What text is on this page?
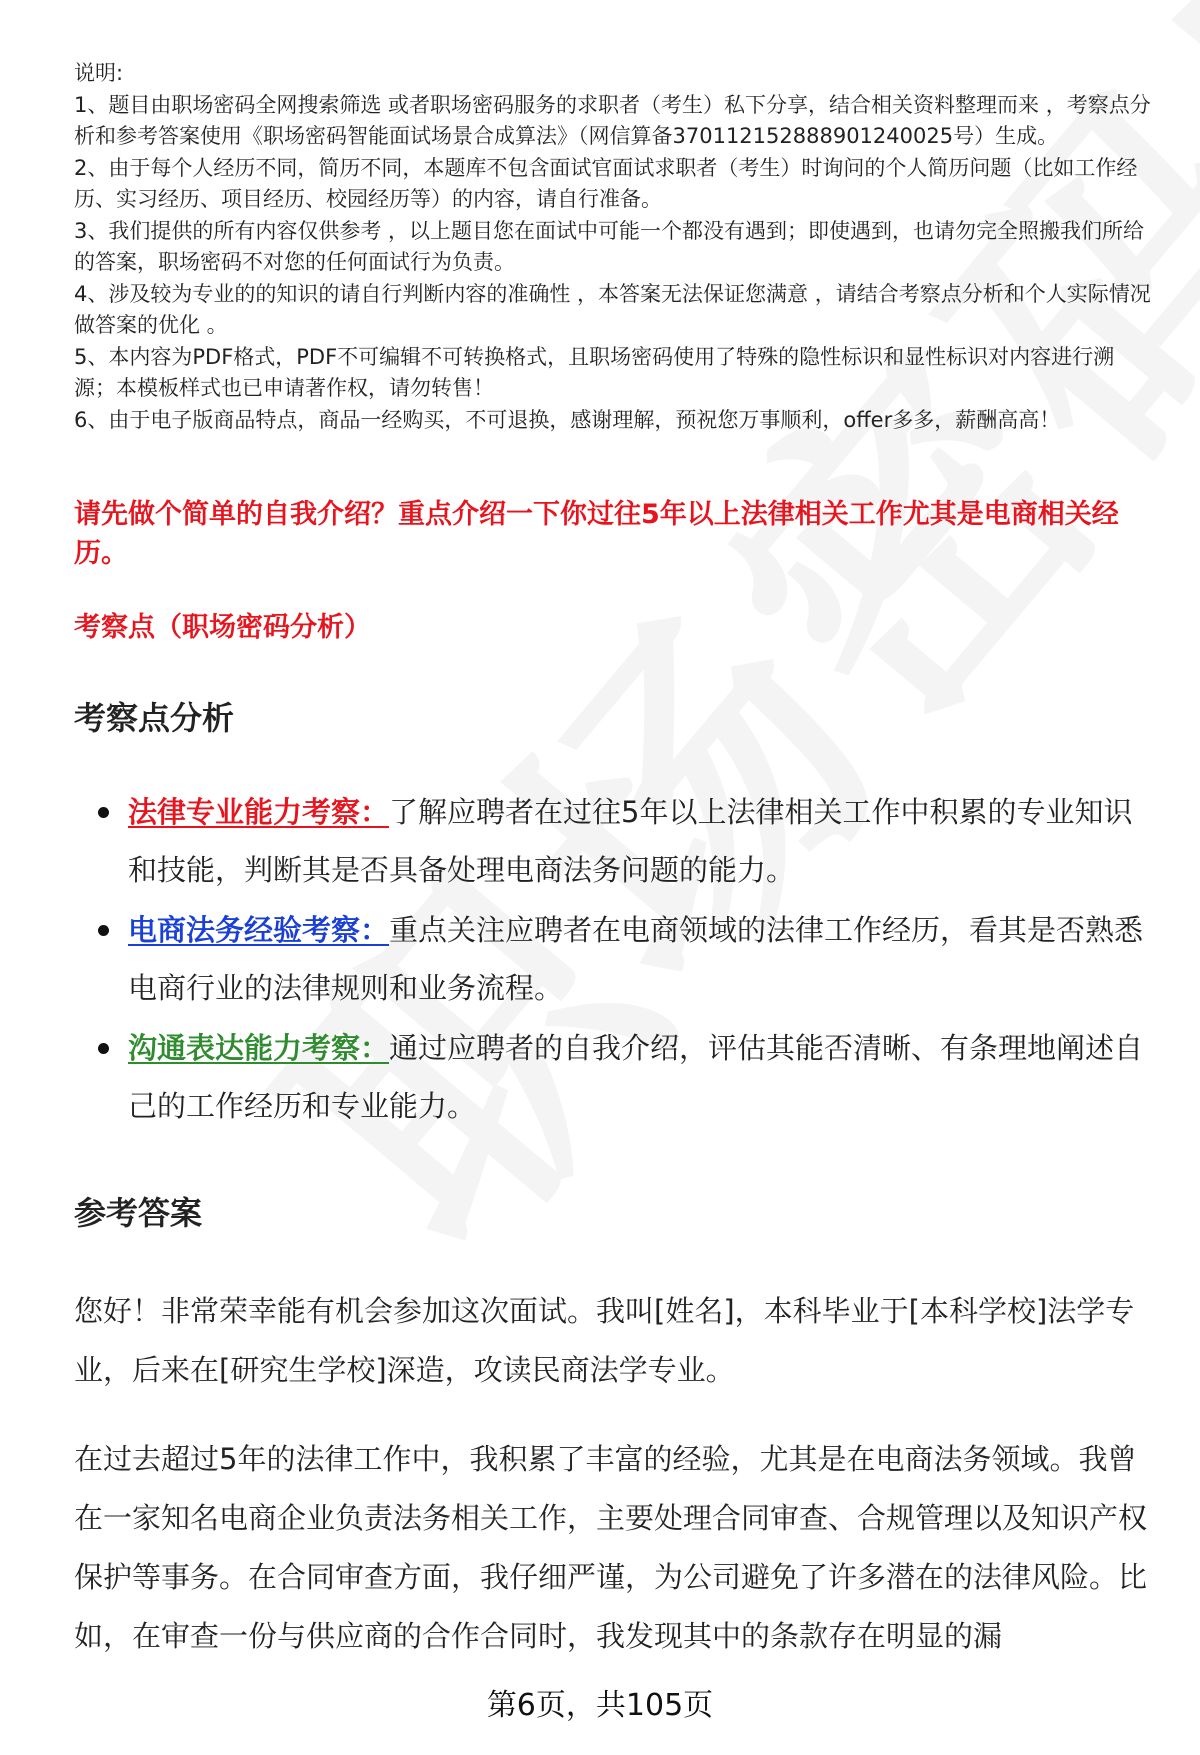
说明:

1、题目由职场密码全网搜索筛选 或者职场密码服务的求职者（考生）私下分享，结合相关资料整理而来 ，考察点分析和参考答案使用《职场密码智能面试场景合成算法》（网信算备370112152888901240025号）生成。

2、由于每个人经历不同，简历不同，本题库不包含面试官面试求职者（考生）时询问的个人简历问题（比如工作经历、实习经历、项目经历、校园经历等）的内容，请自行准备。

3、我们提供的所有内容仅供参考 ，以上题目您在面试中可能一个都没有遇到；即使遇到，也请勿完全照搬我们所给的答案，职场密码不对您的任何面试行为负责。

4、涉及较为专业的的知识的请自行判断内容的准确性 ，本答案无法保证您满意 ，请结合考察点分析和个人实际情况做答案的优化 。

5、本内容为PDF格式，PDF不可编辑不可转换格式，且职场密码使用了特殊的隐性标识和显性标识对内容进行溯源；本模板样式也已申请著作权，请勿转售！

6、由于电子版商品特点，商品一经购买，不可退换，感谢理解，预祝您万事顺利，offer多多，薪酬高高！

请先做个简单的自我介绍？重点介绍一下你过往5年以上法律相关工作尤其是电商相关经历。

考察点（职场密码分析）

考察点分析
法律专业能力考察：了解应聘者在过往5年以上法律相关工作中积累的专业知识和技能，判断其是否具备处理电商法务问题的能力。
电商法务经验考察：重点关注应聘者在电商领域的法律工作经历，看其是否熟悉电商行业的法律规则和业务流程。
沟通表达能力考察：通过应聘者的自我介绍，评估其能否清晰、有条理地阐述自己的工作经历和专业能力。
参考答案

您好！非常荣幸能有机会参加这次面试。我叫[姓名]，本科毕业于[本科学校]法学专业，后来在[研究生学校]深造，攻读民商法学专业。

在过去超过5年的法律工作中，我积累了丰富的经验，尤其是在电商法务领域。我曾在一家知名电商企业负责法务相关工作，主要处理合同审查、合规管理以及知识产权保护等事务。在合同审查方面，我仔细严谨，为公司避免了许多潜在的法律风险。比如，在审查一份与供应商的合作合同时，我发现其中的条款存在明显的漏

第6页，共105页
